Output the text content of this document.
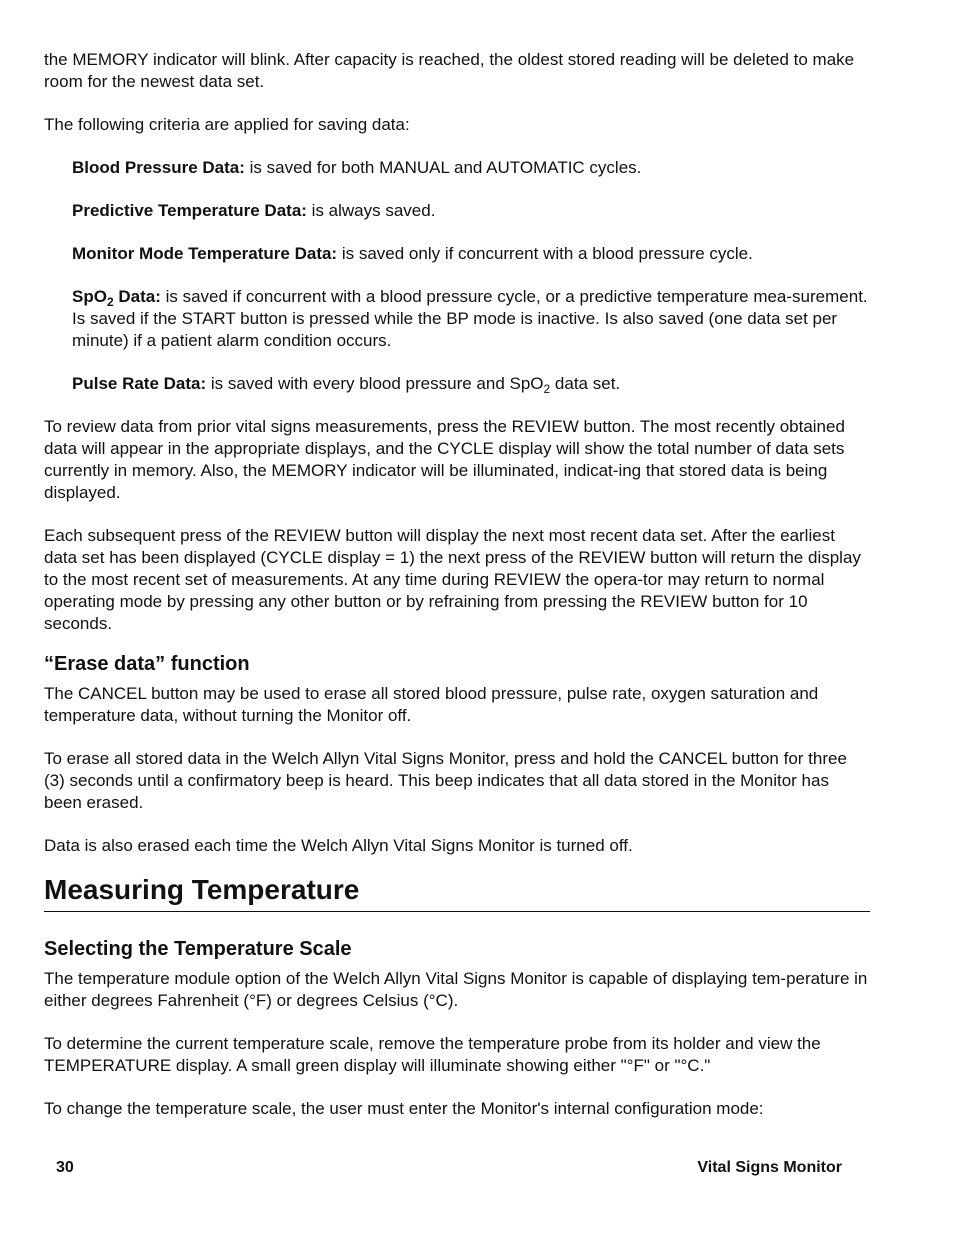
the MEMORY indicator will blink. After capacity is reached, the oldest stored reading will be deleted to make room for the newest data set.

The following criteria are applied for saving data:

Blood Pressure Data: is saved for both MANUAL and AUTOMATIC cycles.

Predictive Temperature Data: is always saved.

Monitor Mode Temperature Data: is saved only if concurrent with a blood pressure cycle.

SpO$_2$ Data: is saved if concurrent with a blood pressure cycle, or a predictive temperature mea-surement. Is saved if the START button is pressed while the BP mode is inactive. Is also saved (one data set per minute) if a patient alarm condition occurs.

Pulse Rate Data: is saved with every blood pressure and SpO$_2$ data set.

To review data from prior vital signs measurements, press the REVIEW button. The most recently obtained data will appear in the appropriate displays, and the CYCLE display will show the total number of data sets currently in memory. Also, the MEMORY indicator will be illuminated, indicat-ing that stored data is being displayed.

Each subsequent press of the REVIEW button will display the next most recent data set. After the earliest data set has been displayed (CYCLE display = 1) the next press of the REVIEW button will return the display to the most recent set of measurements. At any time during REVIEW the opera-tor may return to normal operating mode by pressing any other button or by refraining from pressing the REVIEW button for 10 seconds.

“Erase data” function

The CANCEL button may be used to erase all stored blood pressure, pulse rate, oxygen saturation and temperature data, without turning the Monitor off.

To erase all stored data in the Welch Allyn Vital Signs Monitor, press and hold the CANCEL button for three (3) seconds until a confirmatory beep is heard. This beep indicates that all data stored in the Monitor has been erased.

Data is also erased each time the Welch Allyn Vital Signs Monitor is turned off.

Measuring Temperature
Selecting the Temperature Scale

The temperature module option of the Welch Allyn Vital Signs Monitor is capable of displaying tem-perature in either degrees Fahrenheit (°F) or degrees Celsius (°C).

To determine the current temperature scale, remove the temperature probe from its holder and view the TEMPERATURE display. A small green display will illuminate showing either "°F" or "°C."

To change the temperature scale, the user must enter the Monitor's internal configuration mode:

30	Vital Signs Monitor
